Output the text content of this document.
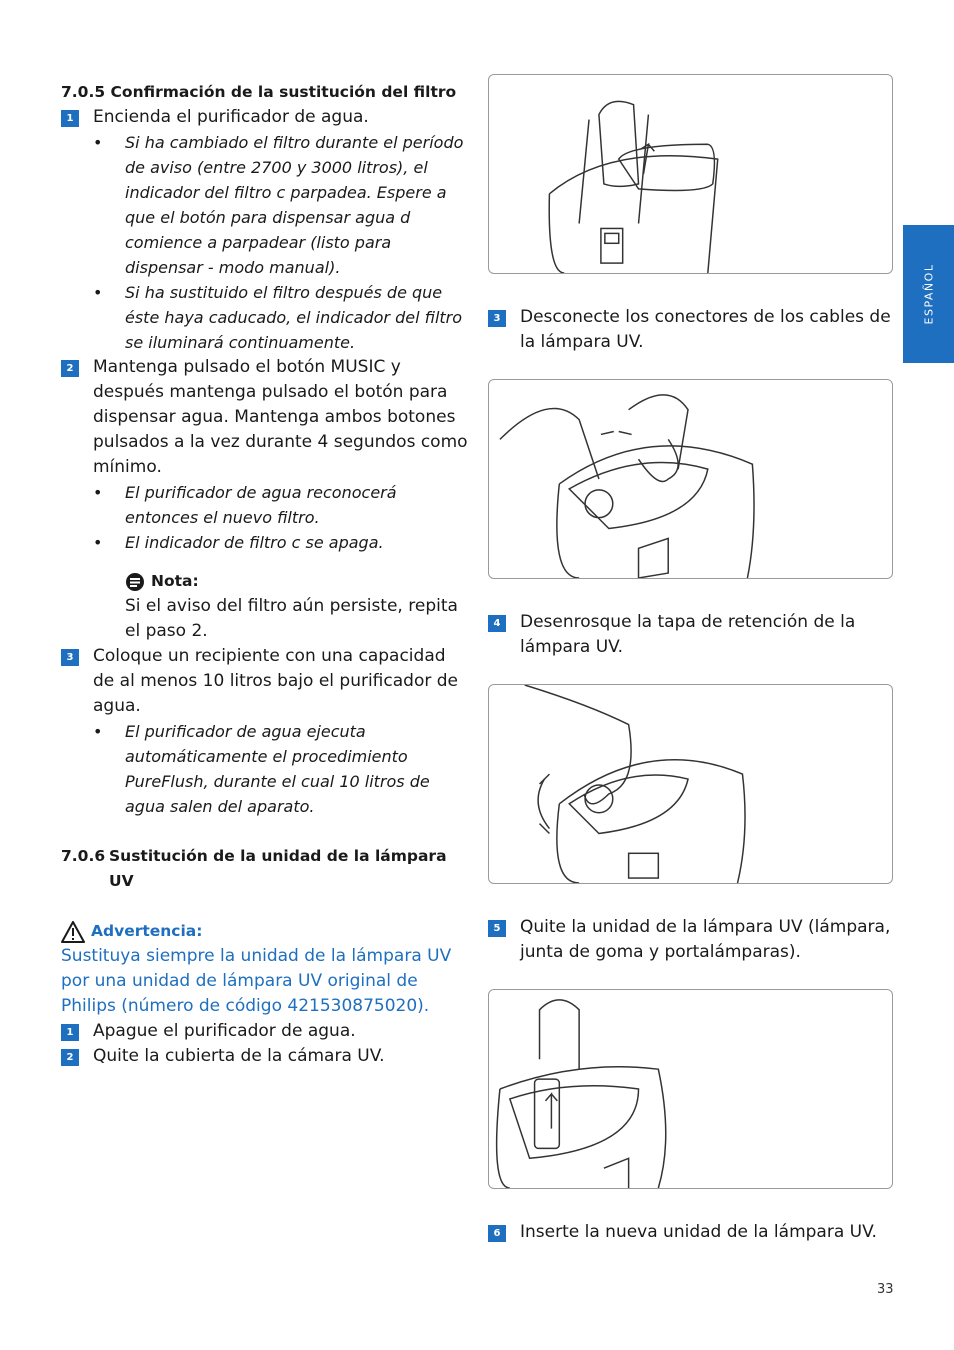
ESPAÑOL
7.0.5 Confirmación de la sustitución del filtro
1	Encienda el purificador de agua.
• Si ha cambiado el filtro durante el período de aviso (entre 2700 y 3000 litros), el indicador del filtro c parpadea. Espere a que el botón para dispensar agua d comience a parpadear (listo para dispensar - modo manual).
• Si ha sustituido el filtro después de que éste haya caducado, el indicador del filtro se iluminará continuamente.
2	Mantenga pulsado el botón MUSIC y después mantenga pulsado el botón para dispensar agua. Mantenga ambos botones pulsados a la vez durante 4 segundos como mínimo.
• El purificador de agua reconocerá entonces el nuevo filtro.
• El indicador de filtro c se apaga.
Nota:
Si el aviso del filtro aún persiste, repita el paso 2.
3	Coloque un recipiente con una capacidad de al menos 10 litros bajo el purificador de agua.
• El purificador de agua ejecuta automáticamente el procedimiento PureFlush, durante el cual 10 litros de agua salen del aparato.
7.0.6 Sustitución de la unidad de la lámpara UV
Advertencia:
Sustituya siempre la unidad de la lámpara UV por una unidad de lámpara UV original de Philips (número de código 421530875020).
1	Apague el purificador de agua.
2	Quite la cubierta de la cámara UV.
3	Desconecte los conectores de los cables de la lámpara UV.
4	Desenrosque la tapa de retención de la lámpara UV.
5	Quite la unidad de la lámpara UV (lámpara, junta de goma y portalámparas).
6	Inserte la nueva unidad de la lámpara UV.
33
